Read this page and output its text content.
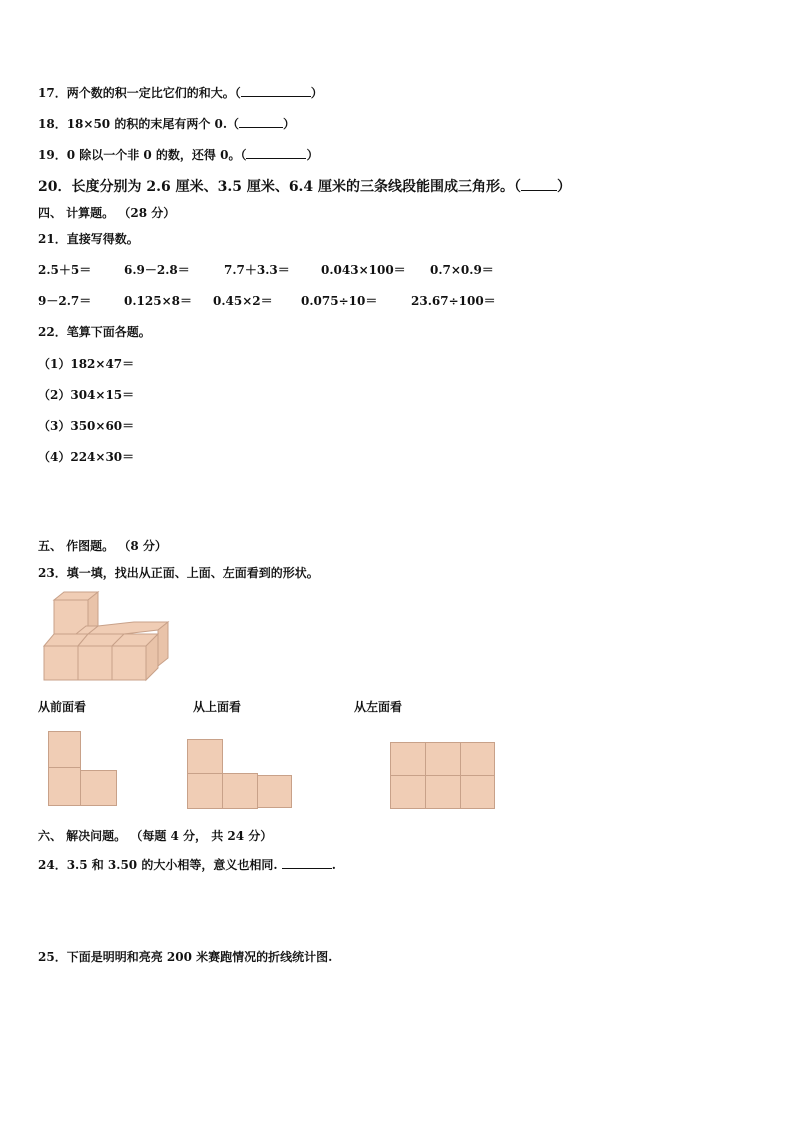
17．两个数的积一定比它们的和大。（	）
18．18×50 的积的末尾有两个 0.（	）
19．0 除以一个非 0 的数，还得 0。（	）
20．长度分别为 2.6 厘米、3.5 厘米、6.4 厘米的三条线段能围成三角形。（	）
四、 计算题。 （28 分）
21．直接写得数。
2.5＋5＝	6.9－2.8＝	7.7＋3.3＝	0.043×100＝ 0.7×0.9＝
9－2.7＝	0.125×8＝ 0.45×2＝ 0.075÷10＝	23.67÷100＝
22．笔算下面各题。
（1）182×47＝
（2）304×15＝
（3）350×60＝
（4）224×30＝
五、 作图题。 （8 分）
23．填一填，找出从正面、上面、左面看到的形状。
从前面看	从上面看	从左面看
六、 解决问题。 （每题 4 分， 共 24 分）
24．3.5 和 3.50 的大小相等，意义也相同.	.
25．下面是明明和亮亮 200 米赛跑情况的折线统计图.
